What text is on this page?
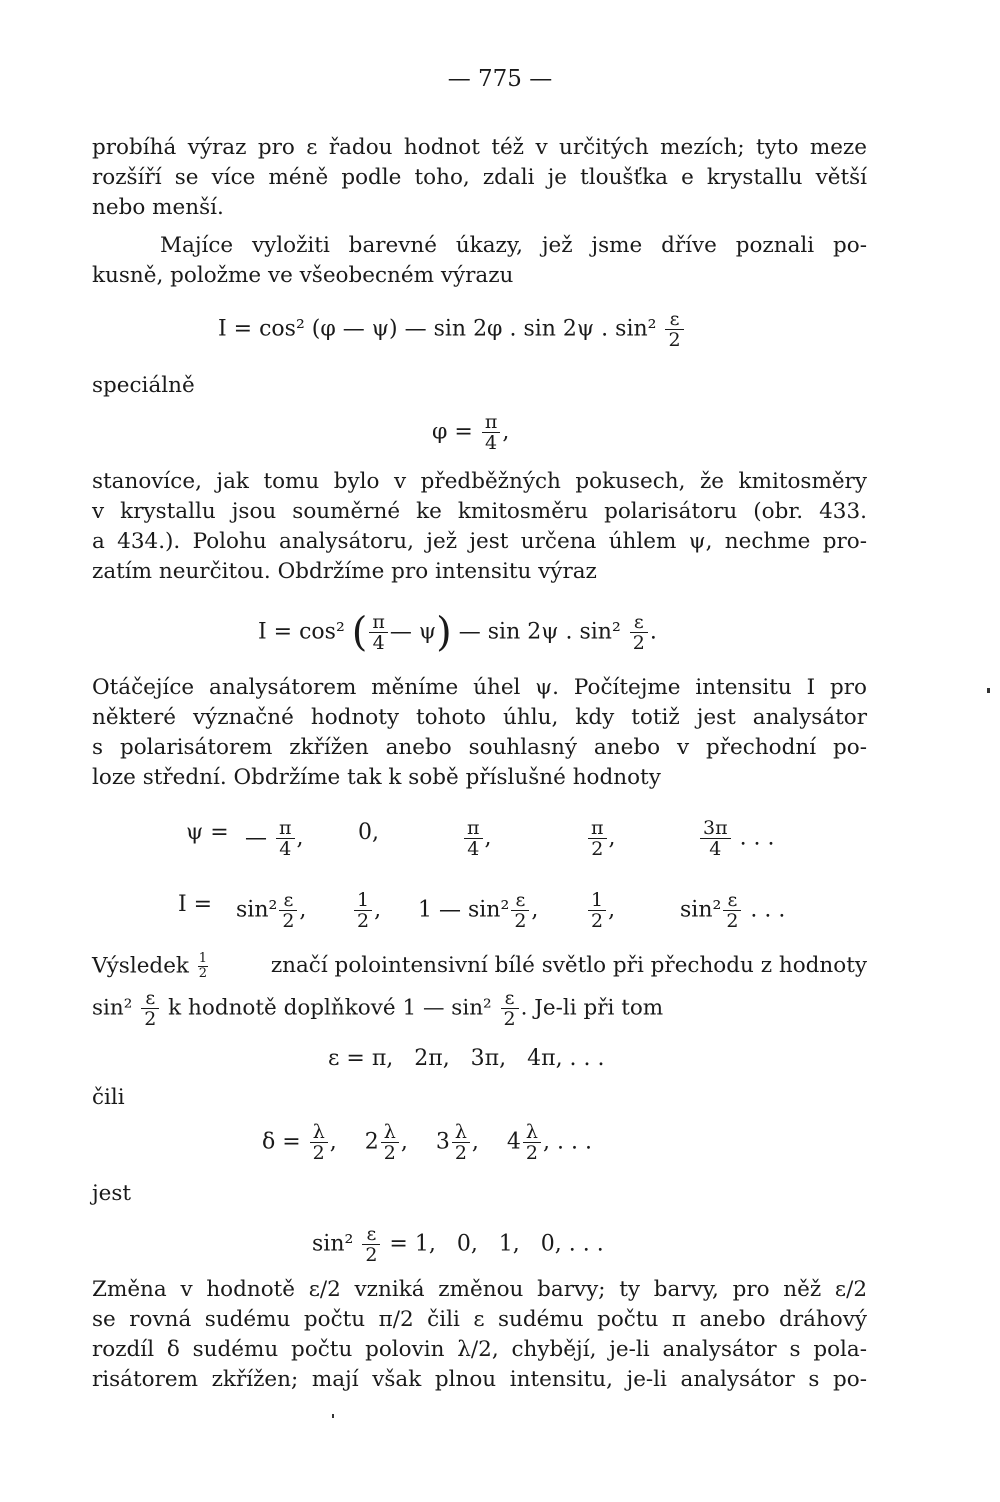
— 775 —
probíhá výraz pro ε řadou hodnot též v určitých mezích; tyto meze
rozšíří se více méně podle toho, zdali je tloušťka e krystallu větší
nebo menší.
Majíce vyložiti barevné úkazy, jež jsme dříve poznali po-
kusně, položme ve všeobecném výrazu
I = cos² (φ — ψ) — sin 2φ . sin 2ψ . $\sin^2 \frac{\varepsilon}{2}$
speciálně
$\varphi = \frac{\pi}{4}$ ,
stanovíce, jak tomu bylo v předběžných pokusech, že kmitosměry
v krystallu jsou souměrné ke kmitosměru polarisátoru (obr. 433.
a 434.). Polohu analysátoru, jež jest určena úhlem ψ, nechme pro-
zatím neurčitou. Obdržíme pro intensitu výraz
I = cos² ( $\frac{\pi}{4}$ — ψ) — sin 2ψ . $\sin^2 \frac{\varepsilon}{2}$ .
Otáčejíce analysátorem měníme úhel ψ. Počítejme intensitu I pro
některé význačné hodnoty tohoto úhlu, kdy totiž jest analysátor
s polarisátorem zkřížen anebo souhlasný anebo v přechodní po-
loze střední. Obdržíme tak k sobě příslušné hodnoty
ψ = — $\frac{\pi}{4}$ , 0,	$\frac{\pi}{4}$ ,	$\frac{\pi}{2}$ ,	$\frac{3\pi}{4}$ . . .
$I = \sin^2 \frac{\varepsilon}{2}$ ,	$\frac{1}{2}$ , 1 — $\sin^2 \frac{\varepsilon}{2}$ ,	$\frac{1}{2}$ ,	$\sin^2 \frac{\varepsilon}{2}$ . . .
Výsledek $\frac{1}{2}$	značí polointensivní bílé světlo při přechodu z hodnoty
$\sin^2 \frac{\varepsilon}{2}$ k hodnotě doplňkové 1 — $\sin^2 \frac{\varepsilon}{2}$ . Je-li při tom
ε = π,   2π,   3π,   4π, . . .
čili
$\delta = \frac{\lambda}{2}$ , $2 \frac{\lambda}{2}$ , $3 \frac{\lambda}{2}$ , $4 \frac{\lambda}{2}$ , . . .
jest
$\sin^2 \frac{\varepsilon}{2} = 1$,   0,   1,   0, . . .
Změna v hodnotě ε/2 vzniká změnou barvy; ty barvy, pro něž ε/2
se rovná sudému počtu π/2 čili ε sudému počtu π anebo dráhový
rozdíl δ sudému počtu polovin λ/2, chybějí, je-li analysátor s pola-
risátorem zkřížen; mají však plnou intensitu, je-li analysátor s po-
